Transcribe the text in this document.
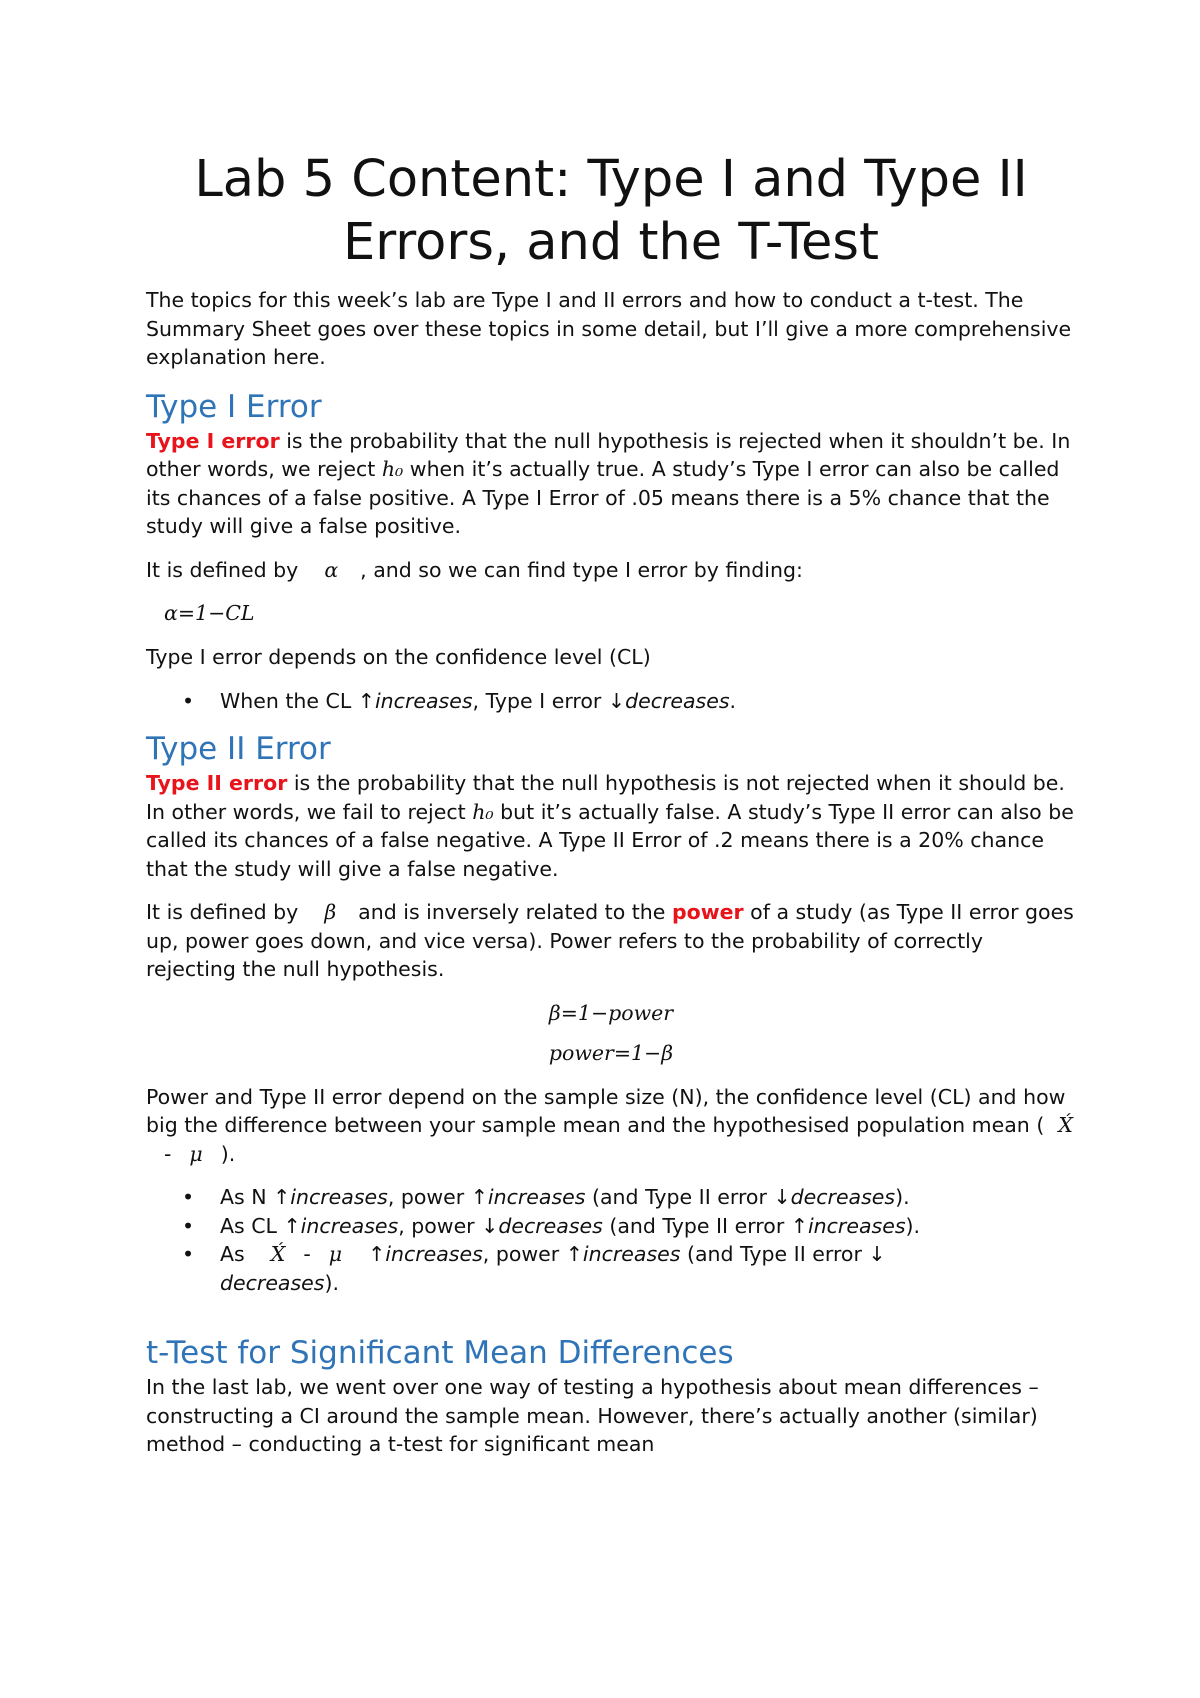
Lab 5 Content: Type I and Type II
Errors, and the T-Test

The topics for this week’s lab are Type I and II errors and how to conduct a t-test. The Summary Sheet goes over these topics in some detail, but I’ll give a more comprehensive explanation here.

Type I Error

Type I error is the probability that the null hypothesis is rejected when it shouldn’t be. In other words, we reject h₀ when it’s actually true. A study’s Type I error can also be called its chances of a false positive. A Type I Error of .05 means there is a 5% chance that the study will give a false positive.

It is defined by α , and so we can find type I error by finding:

α=1−CL

Type I error depends on the confidence level (CL)

• When the CL ↑increases, Type I error ↓decreases.
Type II Error

Type II error is the probability that the null hypothesis is not rejected when it should be. In other words, we fail to reject h₀ but it’s actually false. A study’s Type II error can also be called its chances of a false negative. A Type II Error of .2 means there is a 20% chance that the study will give a false negative.

It is defined by β and is inversely related to the power of a study (as Type II error goes up, power goes down, and vice versa). Power refers to the probability of correctly rejecting the null hypothesis.

β=1−power
power=1−β

Power and Type II error depend on the sample size (N), the confidence level (CL) and how big the difference between your sample mean and the hypothesised population mean ( X́- μ ).

• As N ↑increases, power ↑increases (and Type II error ↓decreases).
• As CL ↑increases, power ↓decreases (and Type II error ↑increases).
• As X́ - μ ↑increases, power ↑increases (and Type II error ↓
decreases).
t-Test for Significant Mean Differences

In the last lab, we went over one way of testing a hypothesis about mean differences – constructing a CI around the sample mean. However, there’s actually another (similar) method – conducting a t-test for significant mean
